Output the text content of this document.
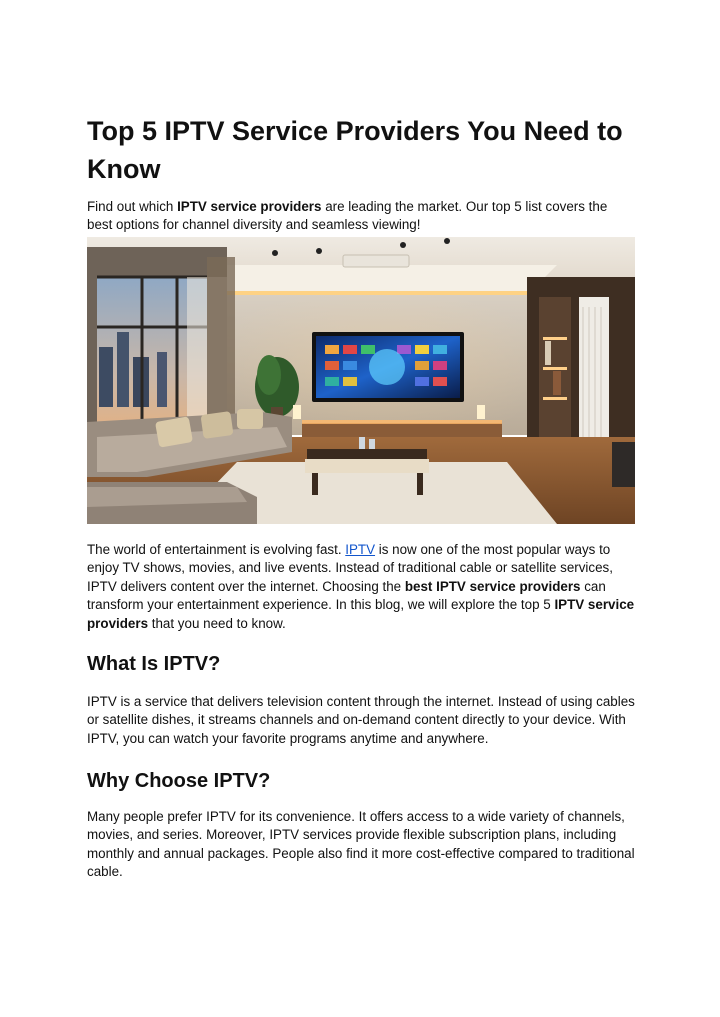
Top 5 IPTV Service Providers You Need to Know

Find out which IPTV service providers are leading the market. Our top 5 list covers the best options for channel diversity and seamless viewing!

The world of entertainment is evolving fast. IPTV is now one of the most popular ways to enjoy TV shows, movies, and live events. Instead of traditional cable or satellite services, IPTV delivers content over the internet. Choosing the best IPTV service providers can transform your entertainment experience. In this blog, we will explore the top 5 IPTV service providers that you need to know.

What Is IPTV?

IPTV is a service that delivers television content through the internet. Instead of using cables or satellite dishes, it streams channels and on-demand content directly to your device. With IPTV, you can watch your favorite programs anytime and anywhere.

Why Choose IPTV?

Many people prefer IPTV for its convenience. It offers access to a wide variety of channels, movies, and series. Moreover, IPTV services provide flexible subscription plans, including monthly and annual packages. People also find it more cost-effective compared to traditional cable.
